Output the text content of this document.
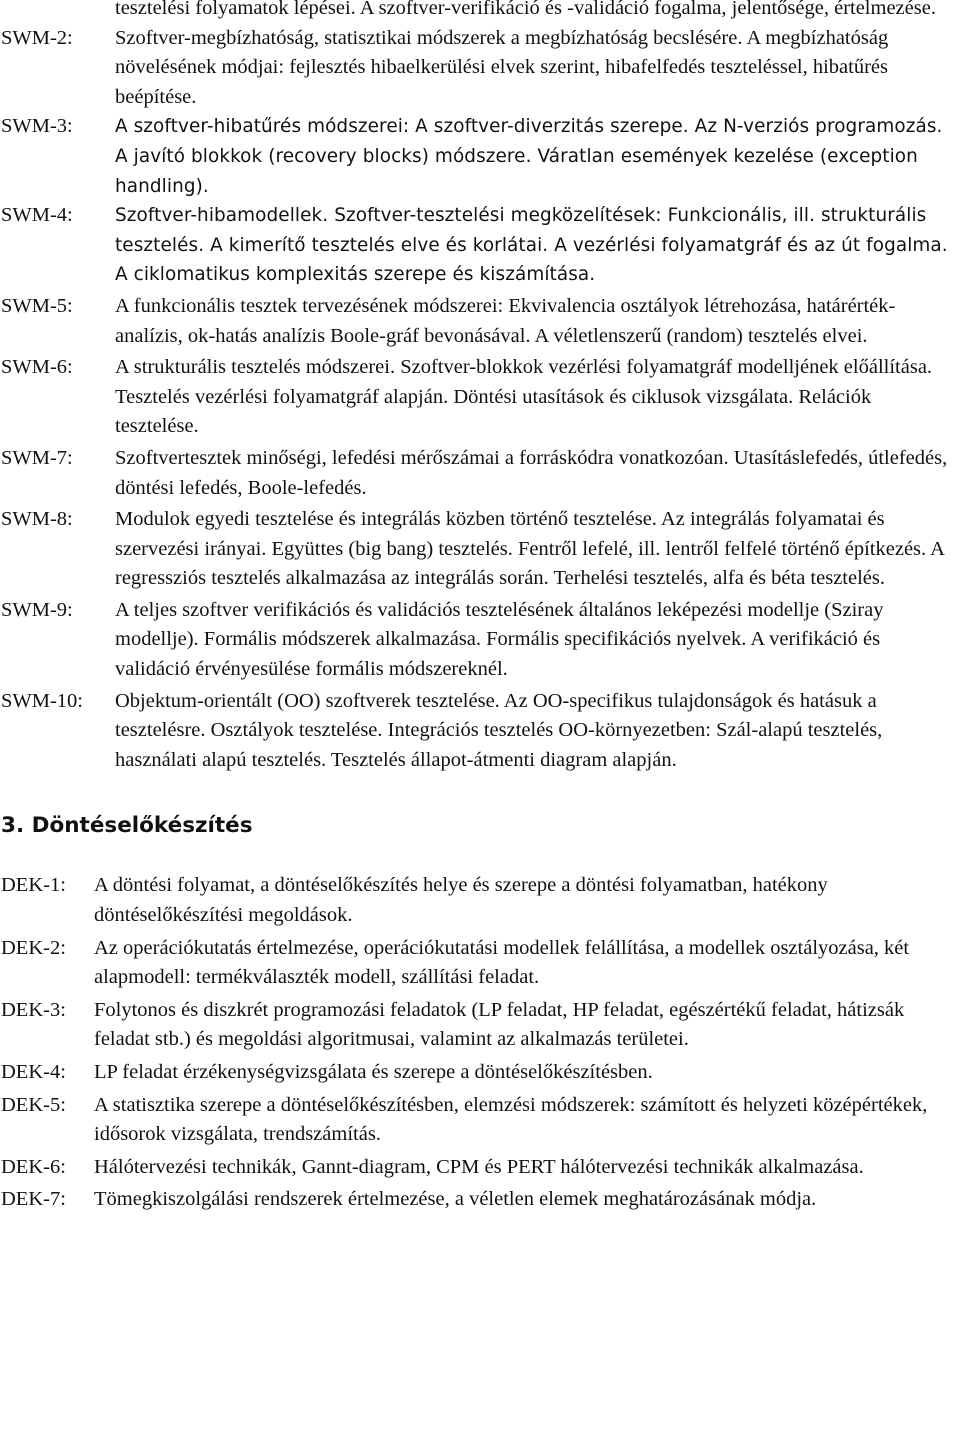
tesztelési folyamatok lépései. A szoftver-verifikáció és -validáció fogalma, jelentősége, értelmezése.
SWM-2:	Szoftver-megbízhatóság, statisztikai módszerek a megbízhatóság becslésére. A megbízhatóság növelésének módjai: fejlesztés hibaelkerülési elvek szerint, hibafelfedés teszteléssel, hibatűrés beépítése.
SWM-3:	A szoftver-hibatűrés módszerei: A szoftver-diverzitás szerepe. Az N-verziós programozás. A javító blokkok (recovery blocks) módszere. Váratlan események kezelése (exception handling).
SWM-4:	Szoftver-hibamodellek. Szoftver-tesztelési megközelítések: Funkcionális, ill. strukturális tesztelés. A kimerítő tesztelés elve és korlátai. A vezérlési folyamatgráf és az út fogalma. A ciklomatikus komplexitás szerepe és kiszámítása.
SWM-5:	A funkcionális tesztek tervezésének módszerei: Ekvivalencia osztályok létrehozása, határérték-analízis, ok-hatás analízis Boole-gráf bevonásával. A véletlenszerű (random) tesztelés elvei.
SWM-6:	A strukturális tesztelés módszerei. Szoftver-blokkok vezérlési folyamatgráf modelljének előállítása. Tesztelés vezérlési folyamatgráf alapján. Döntési utasítások és ciklusok vizsgálata. Relációk tesztelése.
SWM-7:	Szoftvertesztek minőségi, lefedési mérőszámai a forráskódra vonatkozóan. Utasításlefedés, útlefedés, döntési lefedés, Boole-lefedés.
SWM-8:	Modulok egyedi tesztelése és integrálás közben történő tesztelése. Az integrálás folyamatai és szervezési irányai. Együttes (big bang) tesztelés. Fentről lefelé, ill. lentről felfelé történő építkezés. A regressziós tesztelés alkalmazása az integrálás során. Terhelési tesztelés, alfa és béta tesztelés.
SWM-9:	A teljes szoftver verifikációs és validációs tesztelésének általános leképezési modellje (Sziray modellje). Formális módszerek alkalmazása. Formális specifikációs nyelvek. A verifikáció és validáció érvényesülése formális módszereknél.
SWM-10:	Objektum-orientált (OO) szoftverek tesztelése. Az OO-specifikus tulajdonságok és hatásuk a tesztelésre. Osztályok tesztelése. Integrációs tesztelés OO-környezetben: Szál-alapú tesztelés, használati alapú tesztelés. Tesztelés állapot-átmenti diagram alapján.
3. Döntéselőkészítés
DEK-1:	A döntési folyamat, a döntéselőkészítés helye és szerepe a döntési folyamatban, hatékony döntéselőkészítési megoldások.
DEK-2:	Az operációkutatás értelmezése, operációkutatási modellek felállítása, a modellek osztályozása, két alapmodell: termékválaszték modell, szállítási feladat.
DEK-3:	Folytonos és diszkrét programozási feladatok (LP feladat, HP feladat, egészértékű feladat, hátizsák feladat stb.) és megoldási algoritmusai, valamint az alkalmazás területei.
DEK-4:	LP feladat érzékenységvizsgálata és szerepe a döntéselőkészítésben.
DEK-5:	A statisztika szerepe a döntéselőkészítésben, elemzési módszerek: számított és helyzeti középértékek, idősorok vizsgálata, trendszámítás.
DEK-6:	Hálótervezési technikák, Gannt-diagram, CPM és PERT hálótervezési technikák alkalmazása.
DEK-7:	Tömegkiszolgálási rendszerek értelmezése, a véletlen elemek meghatározásának módja.
